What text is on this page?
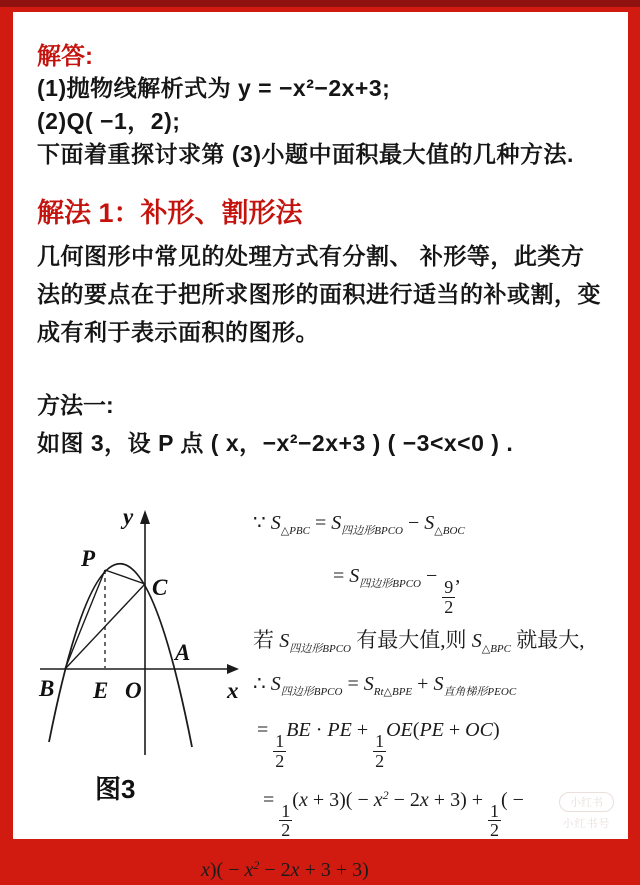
解答:
(1)抛物线解析式为 y = −x²−2x+3;
(2)Q( −1，2);
下面着重探讨求第 (3)小题中面积最大值的几种方法.
解法 1：补形、割形法
几何图形中常见的处理方式有分割、 补形等，此类方法的要点在于把所求图形的面积进行适当的补或割，变成有利于表示面积的图形。
方法一:
如图 3，设 P 点 ( x，−x²−2x+3 ) ( −3<x<0 ) .
y
x
P
C
A
B E O
图3
∵ $S_{\triangle PBC} = S_{四边形BPCO} - S_{\triangle BOC}$
= $S_{四边形BPCO}$ −
$\frac{9}{2}$
,
若 $S_{四边形BPCO}$ 有最大值,则 $S_{\triangle BPC}$ 就最大,
∴ $S_{四边形BPCO} = S_{Rt\triangle BPE} + S_{直角梯形PEOC}$
=
$\frac{1}{2}$
BE · PE +
$\frac{1}{2}$
OE(PE + OC)
=
$\frac{1}{2}$
$(x + 3)( - x^2 - 2x + 3)$ +
$\frac{1}{2}$
( −
$x)( - x^2 - 2x + 3 + 3)$
小红书
小红书号
